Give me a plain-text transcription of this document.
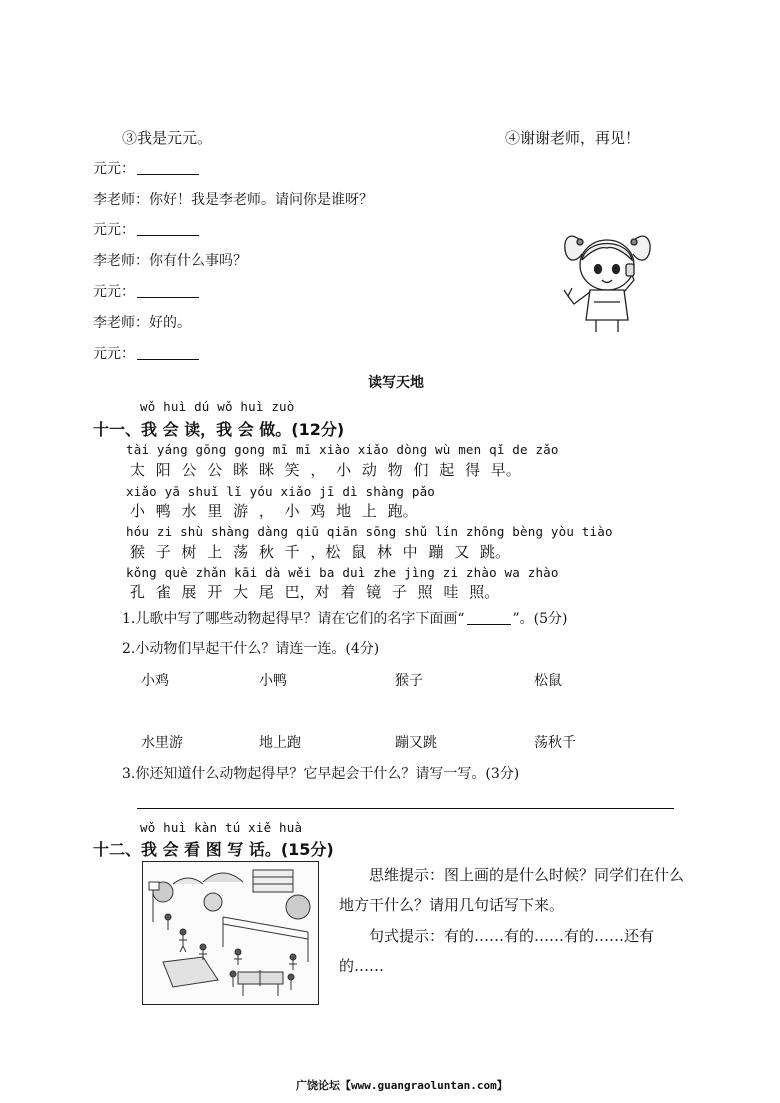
③我是元元。	④谢谢老师，再见！
元元：
李老师：你好！我是李老师。请问你是谁呀？
元元：
李老师：你有什么事吗？
元元：
李老师：好的。
元元：
读写天地
wǒ huì dú wǒ huì zuò
十一、我 会 读，我 会 做。(12分)
tài yáng gōng gong mī mī xiào xiǎo dòng wù men qǐ de zǎo
太 阳 公 公 眯 眯 笑 ， 小 动 物 们 起 得 早。
xiǎo yā shuǐ lǐ yóu xiǎo jī dì shàng pǎo
小 鸭 水 里 游 ， 小 鸡 地 上 跑。
hóu zi shù shàng dàng qiū qiān sōng shǔ lín zhōng bèng yòu tiào
猴 子 树 上 荡 秋 千 ，松 鼠 林 中 蹦 又 跳。
kǒng què zhǎn kāi dà wěi ba duì zhe jìng zi zhào wa zhào
孔 雀 展 开 大 尾 巴，对 着 镜 子 照 哇 照。
1.儿歌中写了哪些动物起得早？请在它们的名字下面画“	”。(5分)
2.小动物们早起干什么？请连一连。(4分)
小鸡	小鸭	猴子	松鼠
水里游	地上跑	蹦又跳	荡秋千
3.你还知道什么动物起得早？它早起会干什么？请写一写。(3分)
wǒ huì kàn tú xiě huà
十二、我 会 看 图 写 话。(15分)
思维提示：图上画的是什么时候？同学们在什么
地方干什么？请用几句话写下来。
句式提示：有的……有的……有的……还有
的……
广饶论坛【www.guangraoluntan.com】
